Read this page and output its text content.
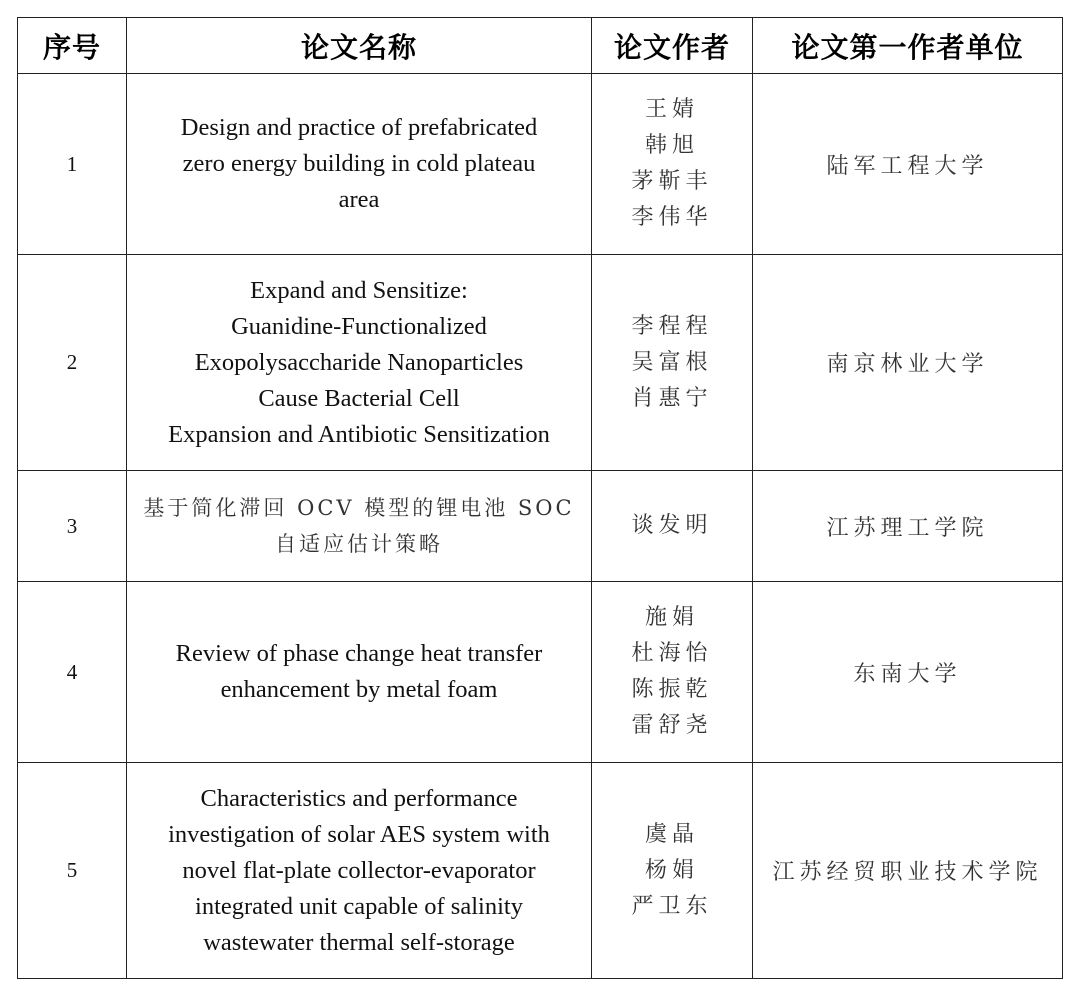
序号	论文名称	论文作者	论文第一作者单位
1	Design and practice of prefabricated
zero energy building in cold plateau
area	王婧
韩旭
茅靳丰
李伟华	陆军工程大学
2	Expand and Sensitize:
Guanidine-Functionalized
Exopolysaccharide Nanoparticles
Cause Bacterial Cell
Expansion and Antibiotic Sensitization	李程程
吴富根
肖惠宁	南京林业大学
3	基于简化滞回 OCV 模型的锂电池 SOC
自适应估计策略	谈发明	江苏理工学院
4	Review of phase change heat transfer
enhancement by metal foam	施娟
杜海怡
陈振乾
雷舒尧	东南大学
5	Characteristics and performance
investigation of solar AES system with
novel flat-plate collector-evaporator
integrated unit capable of salinity
wastewater thermal self-storage	虞晶
杨娟
严卫东	江苏经贸职业技术学院
